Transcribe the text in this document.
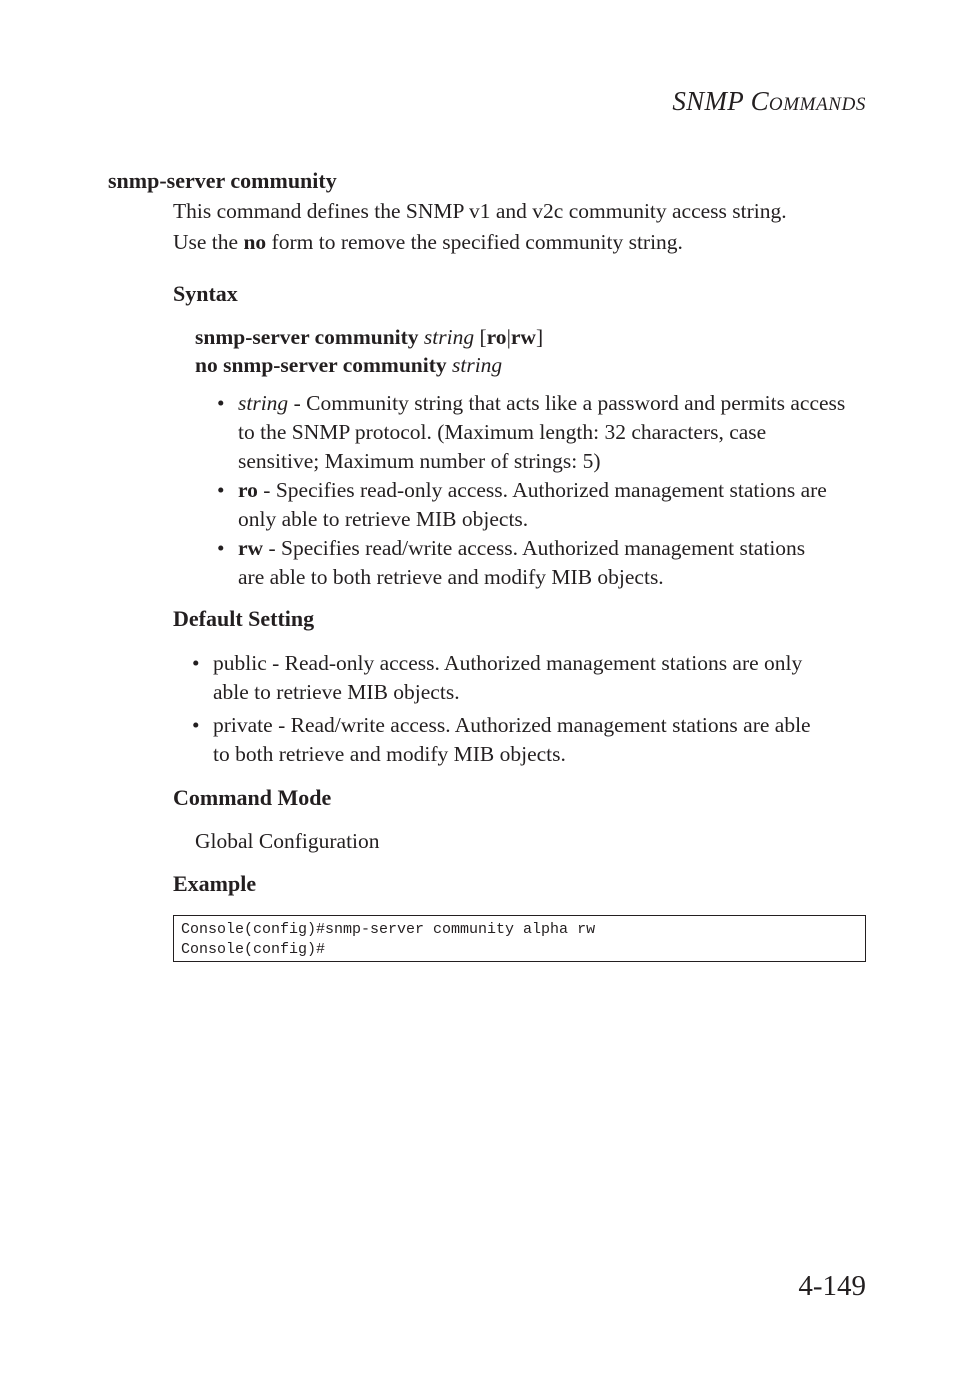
SNMP COMMANDS
snmp-server community
This command defines the SNMP v1 and v2c community access string.
Use the no form to remove the specified community string.
Syntax
snmp-server community string [ro|rw]
no snmp-server community string
• string - Community string that acts like a password and permits access
to the SNMP protocol. (Maximum length: 32 characters, case
sensitive; Maximum number of strings: 5)
• ro - Specifies read-only access. Authorized management stations are
only able to retrieve MIB objects.
• rw - Specifies read/write access. Authorized management stations
are able to both retrieve and modify MIB objects.
Default Setting
• public - Read-only access. Authorized management stations are only
able to retrieve MIB objects.
• private - Read/write access. Authorized management stations are able
to both retrieve and modify MIB objects.
Command Mode
Global Configuration
Example
Console(config)#snmp-server community alpha rw
Console(config)#
4-149
